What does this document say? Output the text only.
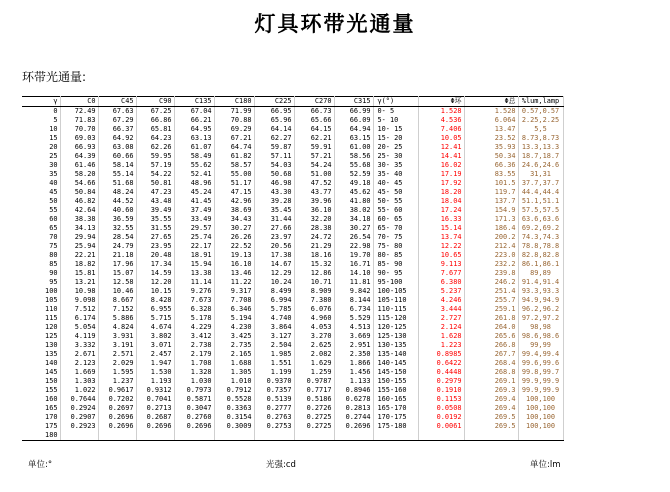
灯具环带光通量
环带光通量:
γ	C0	C45	C90	C135	C180	C225	C270	C315	γ(°)	Φ环	Φ总	%lum,lamp
0	72.49	67.63	67.25	67.04	71.99	66.95	66.73	66.99	0- 5	1.528	1.528	0.57,0.57
5	71.83	67.29	66.86	66.21	70.88	65.96	65.66	66.09	5- 10	4.536	6.064	2.25,2.25
10	70.70	66.37	65.81	64.95	69.29	64.14	64.15	64.94	10- 15	7.406	13.47	5,5
15	69.03	64.92	64.23	63.13	67.21	62.27	62.21	63.15	15- 20	10.05	23.52	8.73,8.73
20	66.93	63.08	62.26	61.07	64.74	59.87	59.91	61.00	20- 25	12.41	35.93	13.3,13.3
25	64.39	60.66	59.95	58.49	61.82	57.11	57.21	58.56	25- 30	14.41	50.34	18.7,18.7
30	61.46	58.14	57.19	55.62	58.57	54.03	54.24	55.68	30- 35	16.02	66.36	24.6,24.6
35	58.20	55.14	54.22	52.41	55.00	50.68	51.00	52.59	35- 40	17.19	83.55	31,31
40	54.66	51.68	50.81	48.96	51.17	46.98	47.52	49.18	40- 45	17.92	101.5	37.7,37.7
45	50.84	48.24	47.23	45.24	47.15	43.30	43.77	45.62	45- 50	18.20	119.7	44.4,44.4
50	46.82	44.52	43.48	41.45	42.96	39.28	39.96	41.80	50- 55	18.04	137.7	51.1,51.1
55	42.64	40.60	39.49	37.49	38.69	35.45	36.10	38.02	55- 60	17.24	154.9	57.5,57.5
60	38.38	36.59	35.55	33.49	34.43	31.44	32.20	34.18	60- 65	16.33	171.3	63.6,63.6
65	34.13	32.55	31.55	29.57	30.27	27.66	28.38	30.27	65- 70	15.14	186.4	69.2,69.2
70	29.94	28.54	27.65	25.74	26.26	23.97	24.72	26.54	70- 75	13.74	200.2	74.3,74.3
75	25.94	24.79	23.95	22.17	22.52	20.56	21.29	22.98	75- 80	12.22	212.4	78.8,78.8
80	22.21	21.18	20.48	18.91	19.13	17.38	18.16	19.70	80- 85	10.65	223.0	82.8,82.8
85	18.82	17.96	17.34	15.94	16.10	14.67	15.32	16.71	85- 90	9.113	232.2	86.1,86.1
90	15.81	15.07	14.59	13.38	13.46	12.29	12.86	14.10	90- 95	7.677	239.8	89,89
95	13.21	12.58	12.20	11.14	11.22	10.24	10.71	11.81	95-100	6.380	246.2	91.4,91.4
100	10.98	10.46	10.15	9.276	9.317	8.499	8.909	9.842	100-105	5.237	251.4	93.3,93.3
105	9.098	8.667	8.428	7.673	7.708	6.994	7.380	8.144	105-110	4.246	255.7	94.9,94.9
110	7.512	7.152	6.955	6.328	6.346	5.785	6.076	6.734	110-115	3.444	259.1	96.2,96.2
115	6.174	5.886	5.715	5.178	5.194	4.740	4.960	5.529	115-120	2.727	261.8	97.2,97.2
120	5.054	4.824	4.674	4.229	4.230	3.864	4.053	4.513	120-125	2.124	264.0	98,98
125	4.119	3.931	3.802	3.412	3.425	3.127	3.270	3.669	125-130	1.628	265.6	98.6,98.6
130	3.332	3.191	3.071	2.738	2.735	2.504	2.625	2.951	130-135	1.223	266.8	99,99
135	2.671	2.571	2.457	2.179	2.165	1.985	2.082	2.350	135-140	0.8985	267.7	99.4,99.4
140	2.123	2.029	1.947	1.708	1.688	1.551	1.629	1.866	140-145	0.6422	268.4	99.6,99.6
145	1.669	1.595	1.530	1.328	1.305	1.199	1.259	1.456	145-150	0.4448	268.8	99.8,99.7
150	1.303	1.237	1.193	1.030	1.010	0.9370	0.9787	1.133	150-155	0.2979	269.1	99.9,99.9
155	1.022	0.9617	0.9312	0.7973	0.7912	0.7357	0.7717	0.8946	155-160	0.1910	269.3	99.9,99.9
160	0.7644	0.7202	0.7041	0.5871	0.5528	0.5139	0.5186	0.6278	160-165	0.1153	269.4	100,100
165	0.2924	0.2697	0.2713	0.3047	0.3363	0.2777	0.2726	0.2813	165-170	0.0508	269.4	100,100
170	0.2907	0.2696	0.2687	0.2760	0.3154	0.2763	0.2725	0.2744	170-175	0.0192	269.5	100,100
175	0.2923	0.2696	0.2696	0.2696	0.3009	0.2753	0.2725	0.2696	175-180	0.0061	269.5	100,100
180												
单位:°	光强:cd	单位:lm
